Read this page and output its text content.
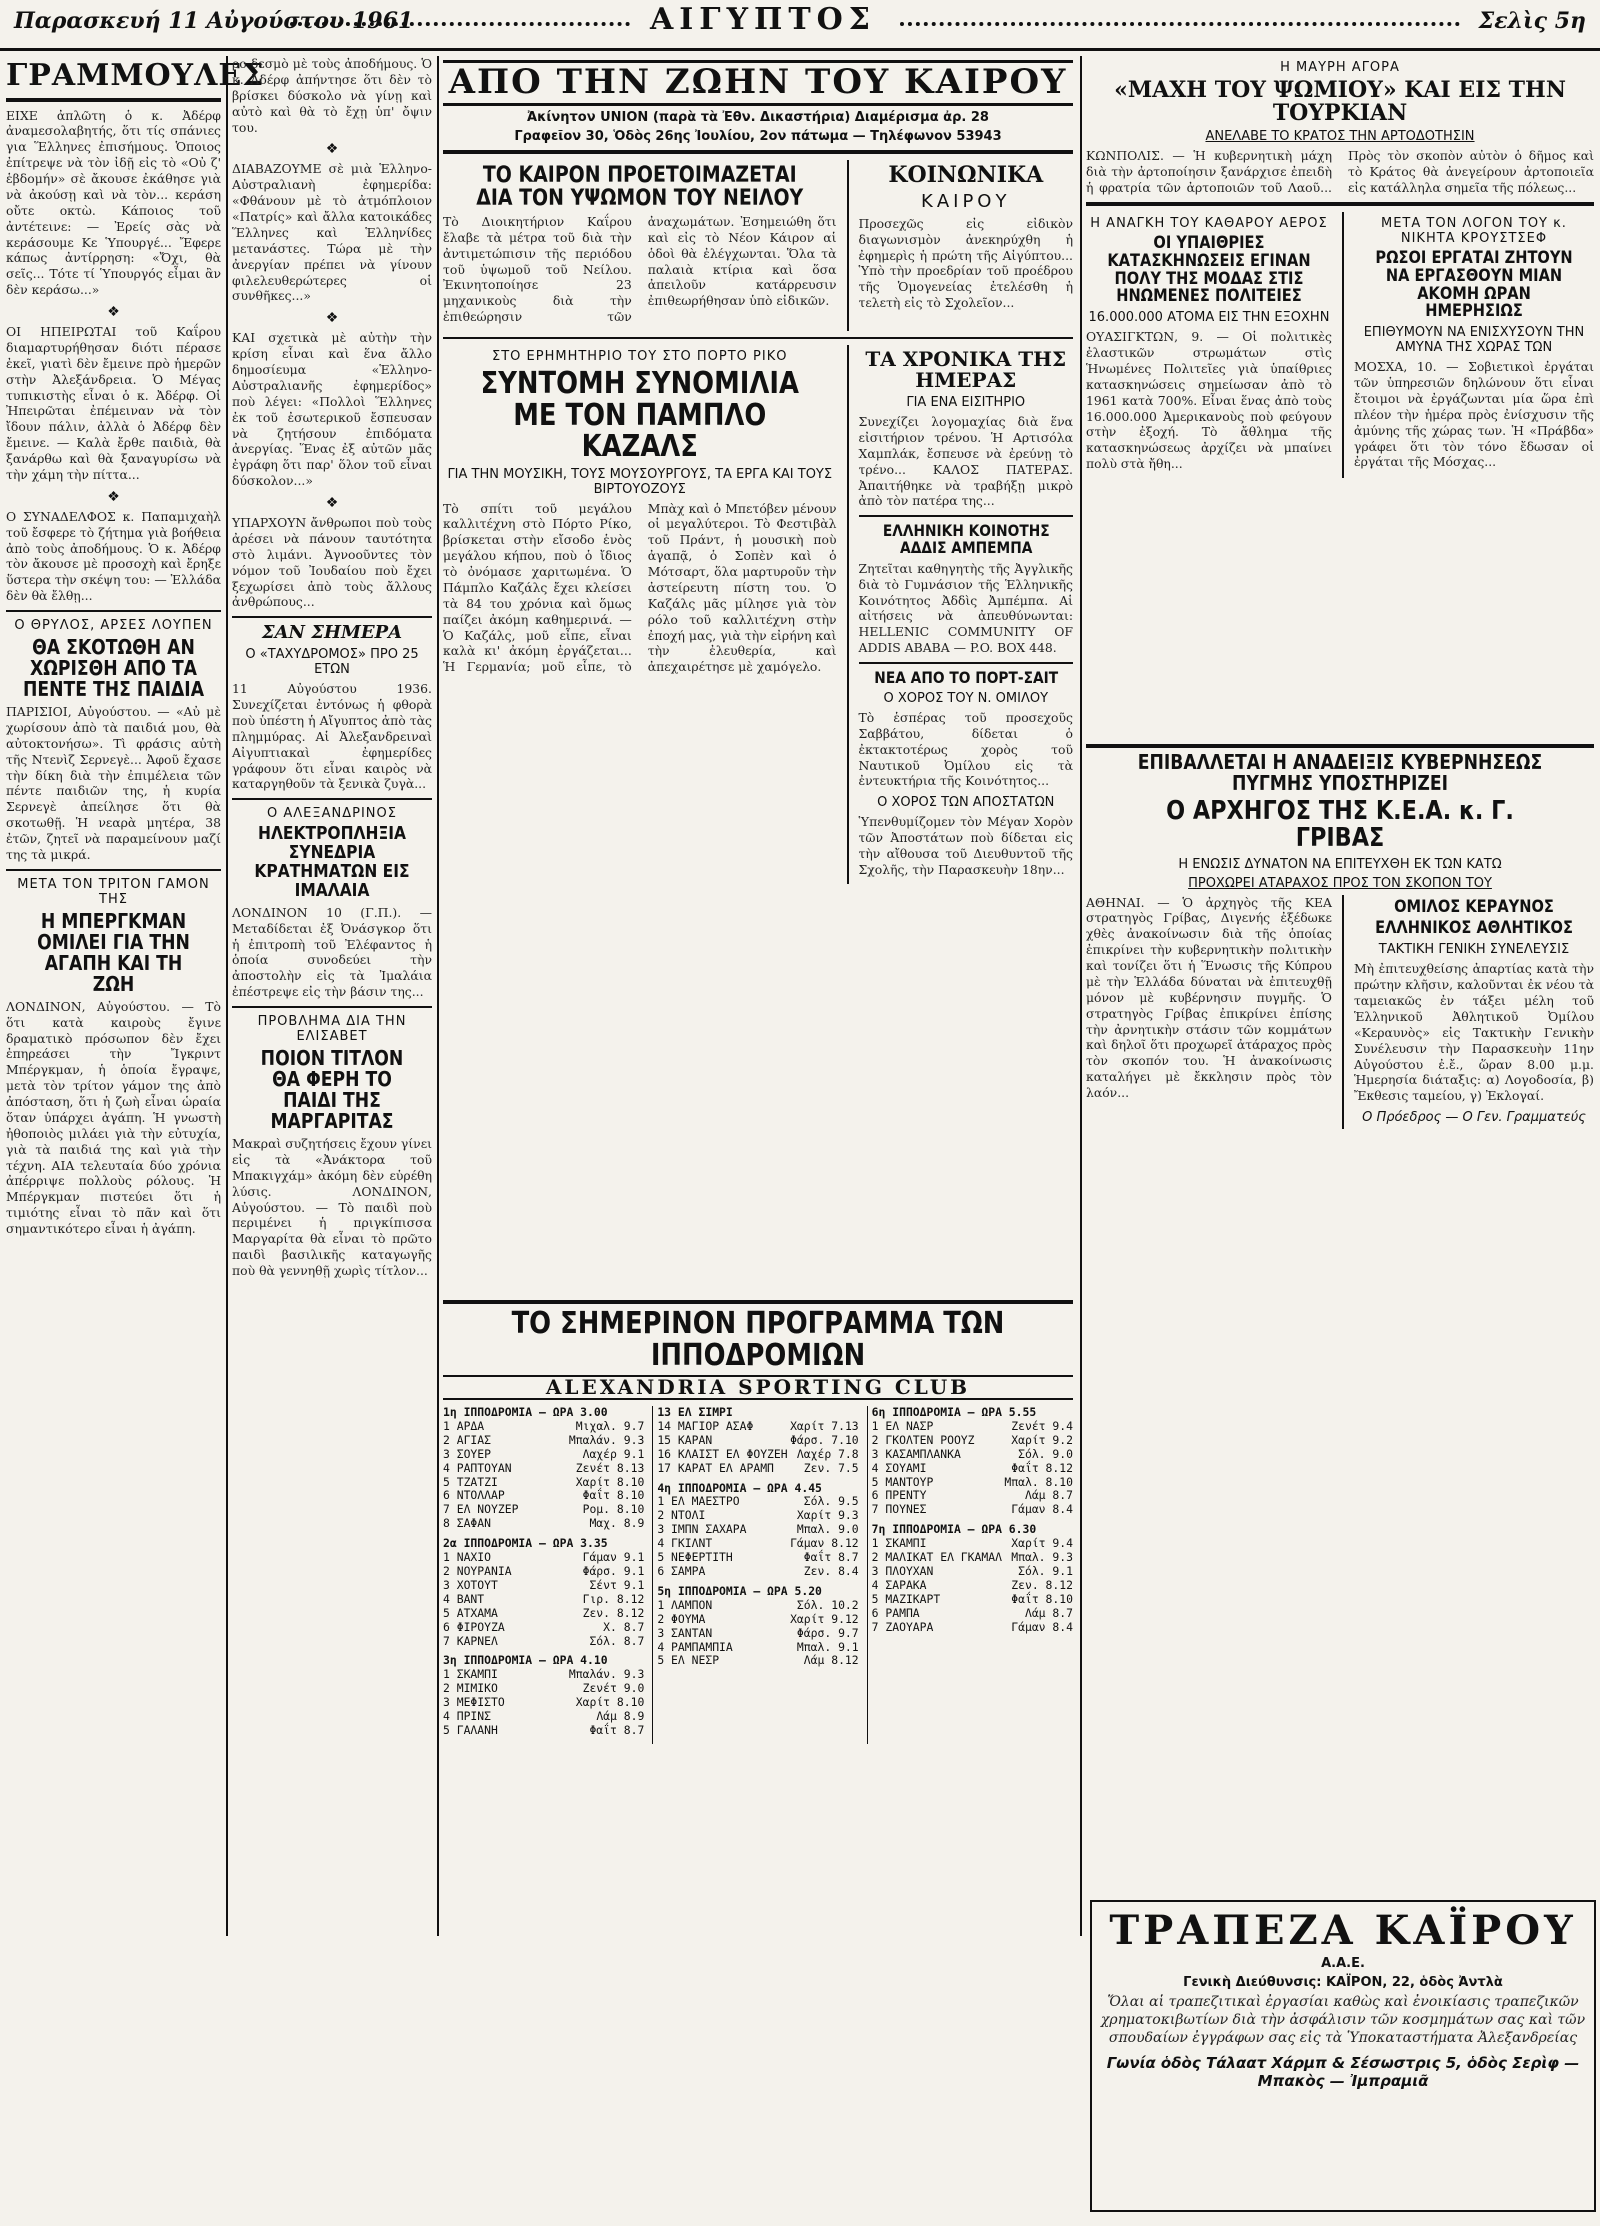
Παρασκευή 11 Αὐγούστου 1961	ΑΙΓΥΠΤΟΣ	Σελὶς 5η
ΓΡΑΜΜΟΥΛΕΣ

ΕΙΧΕ ἀπλῶτη ὁ κ. Ἀδέρφ ἀναμεσολαβητής, ὅτι τίς σπάνιες για Ἕλληνες ἐπισήμους. Ὁποιος ἐπίτρεψε νὰ τὸν ἰδῇ εἰς τὸ «Οὐ ζ' ἑβδομήν» σὲ ἄκουσε ἐκάθησε γιὰ νὰ ἀκούσῃ καὶ νὰ τὸν... κεράση οὔτε οκτὼ. Κάποιος τοῦ ἀντέτεινε: — Ἐρείς σὰς νὰ κεράσουμε Κε Ὑπουργέ... Ἔφερε κάπως ἀντίρρηση: «Ὄχι, θὰ σεῖς... Τότε τί Ὑπουργός εἶμαι ἂν δὲν κεράσω...»

❖

ΟΙ ΗΠΕΙΡΩΤΑΙ τοῦ Καΐρου διαμαρτυρήθησαν διότι πέρασε ἐκεῖ, γιατὶ δὲν ἔμεινε πρὸ ἡμερῶν στὴν Ἀλεξάνδρεια. Ὁ Μέγας τυπικιστὴς εἶναι ὁ κ. Ἀδέρφ. Οἱ Ἠπειρῶται ἐπέμειναν νὰ τὸν ἴδουν πάλιν, ἀλλὰ ὁ Ἀδέρφ δὲν ἔμεινε. — Καλὰ ἔρθε παιδιὰ, θὰ ξανάρθω καὶ θὰ ξαναγυρίσω νὰ τὴν χάμη τὴν πίττα...

❖

Ο ΣΥΝΑΔΕΛΦΟΣ κ. Παπαμιχαὴλ τοῦ ἔσφερε τὸ ζήτημα γιὰ βοήθεια ἀπὸ τοὺς ἀποδήμους. Ὁ κ. Ἀδέρφ τὸν ἄκουσε μὲ προσοχὴ καὶ ἔρηξε ὕστερα τὴν σκέψη του: — Ἑλλάδα δὲν θὰ ἔλθῃ...

Ο ΘΡΥΛΟΣ, ΑΡΣΕΣ ΛΟΥΠΕΝ
ΘΑ ΣΚΟΤΩΘΗ ΑΝ ΧΩΡΙΣΘΗ ΑΠΟ ΤΑ ΠΕΝΤΕ ΤΗΣ ΠΑΙΔΙΑ

ΠΑΡΙΣΙΟΙ, Αὐγούστου. — «Αὐ μὲ χωρίσουν ἀπὸ τὰ παιδιά μου, θὰ αὐτοκτονήσω». Τὶ φράσις αὐτὴ τῆς Ντενὶζ Σερνεγὲ... Ἀφοῦ ἔχασε τὴν δίκη διὰ τὴν ἐπιμέλεια τῶν πέντε παιδιῶν της, ἡ κυρία Σερνεγὲ ἀπείλησε ὅτι θὰ σκοτωθῇ. Ἡ νεαρὰ μητέρα, 38 ἐτῶν, ζητεῖ νὰ παραμείνουν μαζί της τὰ μικρά.

ΜΕΤΑ ΤΟΝ ΤΡΙΤΟΝ ΓΑΜΟΝ ΤΗΣ
Η ΜΠΕΡΓΚΜΑΝ ΟΜΙΛΕΙ ΓΙΑ ΤΗΝ ΑΓΑΠΗ ΚΑΙ ΤΗ ΖΩΗ

ΛΟΝΔΙΝΟΝ, Αὐγούστου. — Τὸ ὅτι κατὰ καιροὺς ἔγινε δραματικὸ πρόσωπον δὲν ἔχει ἐπηρεάσει τὴν Ἴγκριντ Μπέργκμαν, ἡ ὁποία ἔγραψε, μετὰ τὸν τρίτον γάμον της ἀπὸ ἀπόσταση, ὅτι ἡ ζωὴ εἶναι ὡραία ὅταν ὑπάρχει ἀγάπη. Ἡ γνωστὴ ἠθοποιὸς μιλάει γιὰ τὴν εὐτυχία, γιὰ τὰ παιδιά της καὶ γιὰ τὴν τέχνη. ΑΙΑ τελευταία δύο χρόνια ἀπέρριψε πολλοὺς ρόλους. Ἡ Μπέργκμαν πιστεύει ὅτι ἡ τιμιότης εἶναι τὸ πᾶν καὶ ὅτι σημαντικότερο εἶναι ἡ ἀγάπη.

ρο δεσμὸ μὲ τοὺς ἀποδήμους. Ὁ κ. Ἀδέρφ ἀπήντησε ὅτι δὲν τὸ βρίσκει δύσκολο νὰ γίνῃ καὶ αὐτὸ καὶ θὰ τὸ ἔχῃ ὑπ' ὄψιν του.

❖

ΔΙΑΒΑΖΟΥΜΕ σὲ μιὰ Ἑλληνο-Αὐστραλιανὴ ἐφημερίδα: «Φθάνουν μὲ τὸ ἀτμόπλοιον «Πατρίς» καὶ ἄλλα κατοικάδες Ἕλληνες καὶ Ἑλληνίδες μετανάστες. Τώρα μὲ τὴν ἀνεργίαν πρέπει νὰ γίνουν φιλελευθερώτερες οἱ συνθῆκες...»

❖

ΚΑΙ σχετικὰ μὲ αὐτὴν τὴν κρίση εἶναι καὶ ἕνα ἄλλο δημοσίευμα «Ἑλληνο-Αὐστραλιανῆς ἐφημερίδος» ποὺ λέγει: «Πολλοὶ Ἕλληνες ἐκ τοῦ ἐσωτερικοῦ ἔσπευσαν νὰ ζητήσουν ἐπιδόματα ἀνεργίας. Ἕνας ἐξ αὐτῶν μᾶς ἐγράφη ὅτι παρ' ὅλον τοῦ εἶναι δύσκολον...»

❖

ΥΠΑΡΧΟΥΝ ἄνθρωποι ποὺ τοὺς ἀρέσει νὰ πάνουν ταυτότητα στὸ λιμάνι. Ἀγνοοῦντες τὸν νόμον τοῦ Ἰουδαίου ποὺ ἔχει ξεχωρίσει ἀπὸ τοὺς ἄλλους ἀνθρώπους...

ΣΑΝ ΣΗΜΕΡΑ
Ο «ΤΑΧΥΔΡΟΜΟΣ» ΠΡΟ 25 ΕΤΩΝ

11 Αὐγούστου 1936. Συνεχίζεται ἐντόνως ἡ φθορὰ ποὺ ὑπέστη ἡ Αἴγυπτος ἀπὸ τὰς πλημμύρας. Αἱ Ἀλεξανδρειναὶ Αἰγυπτιακαὶ ἐφημερίδες γράφουν ὅτι εἶναι καιρὸς νὰ καταργηθοῦν τὰ ξενικὰ ζυγὰ...

Ο ΑΛΕΞΑΝΔΡΙΝΟΣ
ΗΛΕΚΤΡΟΠΛΗΞΙΑ ΣΥΝΕΔΡΙΑ ΚΡΑΤΗΜΑΤΩΝ ΕΙΣ ΙΜΑΛΑΙΑ

ΛΟΝΔΙΝΟΝ 10 (Γ.Π.). — Μεταδίδεται ἐξ Ὀνάσγκορ ὅτι ἡ ἐπιτροπὴ τοῦ Ἐλέφαντος ἡ ὁποία συνοδεύει τὴν ἀποστολὴν εἰς τὰ Ἰμαλάια ἐπέστρεψε εἰς τὴν βάσιν της...

ΠΡΟΒΛΗΜΑ ΔΙΑ ΤΗΝ ΕΛΙΣΑΒΕΤ
ΠΟΙΟΝ ΤΙΤΛΟΝ ΘΑ ΦΕΡΗ ΤΟ ΠΑΙΔΙ ΤΗΣ ΜΑΡΓΑΡΙΤΑΣ

Μακραὶ συζητήσεις ἔχουν γίνει εἰς τὰ «Ἀνάκτορα τοῦ Μπακιγχάμ» ἀκόμη δὲν εὑρέθη λύσις. ΛΟΝΔΙΝΟΝ, Αὐγούστου. — Τὸ παιδὶ ποὺ περιμένει ἡ πριγκίπισσα Μαργαρίτα θὰ εἶναι τὸ πρῶτο παιδὶ βασιλικῆς καταγωγῆς ποὺ θὰ γεννηθῇ χωρὶς τίτλον...

ΑΠΟ ΤΗΝ ΖΩΗΝ ΤΟΥ ΚΑΙΡΟΥ
Ἀκίνητον UNION (παρὰ τὰ Ἐθν. Δικαστήρια) Διαμέρισμα ἀρ. 28
Γραφεῖον 30, Ὁδὸς 26ης Ἰουλίου, 2ον πάτωμα — Τηλέφωνον 53943
ΤΟ ΚΑΙΡΟΝ ΠΡΟΕΤΟΙΜΑΖΕΤΑΙ ΔΙΑ ΤΟΝ ΥΨΩΜΟΝ ΤΟΥ ΝΕΙΛΟΥ

Τὸ Διοικητήριον Καΐρου ἔλαβε τὰ μέτρα τοῦ διὰ τὴν ἀντιμετώπισιν τῆς περιόδου τοῦ ὑψωμοῦ τοῦ Νείλου. Ἐκινητοποίησε 23 μηχανικοὺς διὰ τὴν ἐπιθεώρησιν τῶν ἀναχωμάτων. Ἐσημειώθη ὅτι καὶ εἰς τὸ Νέον Κάιρον αἱ ὁδοὶ θὰ ἐλέγχωνται. Ὅλα τὰ παλαιὰ κτίρια καὶ ὅσα ἀπειλοῦν κατάρρευσιν ἐπιθεωρήθησαν ὑπὸ εἰδικῶν.

ΚΟΙΝΩΝΙΚΑ
ΚΑΙΡΟΥ

Προσεχῶς εἰς εἰδικὸν διαγωνισμὸν ἀνεκηρύχθη ἡ ἐφημερὶς ἡ πρώτη τῆς Αἰγύπτου... Ὑπὸ τὴν προεδρίαν τοῦ προέδρου τῆς Ὁμογενείας ἐτελέσθη ἡ τελετὴ εἰς τὸ Σχολεῖον...

ΣΤΟ ΕΡΗΜΗΤΗΡΙΟ ΤΟΥ ΣΤΟ ΠΟΡΤΟ ΡΙΚΟ
ΣΥΝΤΟΜΗ ΣΥΝΟΜΙΛΙΑ ΜΕ ΤΟΝ ΠΑΜΠΛΟ ΚΑΖΑΛΣ
ΓΙΑ ΤΗΝ ΜΟΥΣΙΚΗ, ΤΟΥΣ ΜΟΥΣΟΥΡΓΟΥΣ, ΤΑ ΕΡΓΑ ΚΑΙ ΤΟΥΣ ΒΙΡΤΟΥΟΖΟΥΣ

Τὸ σπίτι τοῦ μεγάλου καλλιτέχνη στὸ Πόρτο Ρίκο, βρίσκεται στὴν εἴσοδο ἑνὸς μεγάλου κήπου, ποὺ ὁ ἴδιος τὸ ὀνόμασε χαριτωμένα. Ὁ Πάμπλο Καζάλς ἔχει κλείσει τὰ 84 του χρόνια καὶ ὅμως παίζει ἀκόμη καθημερινά. — Ὁ Καζάλς, μοῦ εἶπε, εἶναι καλὰ κι' ἀκόμη ἐργάζεται... Ἡ Γερμανία; μοῦ εἶπε, τὸ Μπὰχ καὶ ὁ Μπετόβεν μένουν οἱ μεγαλύτεροι. Τὸ Φεστιβὰλ τοῦ Πράντ, ἡ μουσικὴ ποὺ ἀγαπᾷ, ὁ Σοπὲν καὶ ὁ Μότσαρτ, ὅλα μαρτυροῦν τὴν ἀστείρευτη πίστη του. Ὁ Καζάλς μᾶς μίλησε γιὰ τὸν ρόλο τοῦ καλλιτέχνη στὴν ἐποχή μας, γιὰ τὴν εἰρήνη καὶ τὴν ἐλευθερία, καὶ ἀπεχαιρέτησε μὲ χαμόγελο.

ΤΑ ΧΡΟΝΙΚΑ ΤΗΣ ΗΜΕΡΑΣ
ΓΙΑ ΕΝΑ ΕΙΣΙΤΗΡΙΟ

Συνεχίζει λογομαχίας διὰ ἕνα εἰσιτήριον τρένου. Ἡ Αρτισόλα Χαμπλάκ, ἔσπευσε νὰ ἐρεύνῃ τὸ τρένο... ΚΑΛΟΣ ΠΑΤΕΡΑΣ. Ἀπαιτήθηκε νὰ τραβήξῃ μικρὸ ἀπὸ τὸν πατέρα της...

ΕΛΛΗΝΙΚΗ ΚΟΙΝΟΤΗΣ ΑΔΔΙΣ ΑΜΠΕΜΠΑ

Ζητεῖται καθηγητὴς τῆς Ἀγγλικῆς διὰ τὸ Γυμνάσιον τῆς Ἑλληνικῆς Κοινότητος Ἀδδὶς Ἀμπέμπα. Αἱ αἰτήσεις νὰ ἀπευθύνωνται: HELLENIC COMMUNITY OF ADDIS ABABA — P.O. BOX 448.

ΝΕΑ ΑΠΟ ΤΟ ΠΟΡΤ-ΣΑΙΤ
Ο ΧΟΡΟΣ ΤΟΥ Ν. ΟΜΙΛΟΥ

Τὸ ἑσπέρας τοῦ προσεχοῦς Σαββάτου, δίδεται ὁ ἐκτακτοτέρως χορὸς τοῦ Ναυτικοῦ Ὀμίλου εἰς τὰ ἐντευκτήρια τῆς Κοινότητος...

Ο ΧΟΡΟΣ ΤΩΝ ΑΠΟΣΤΑΤΩΝ

Ὑπενθυμίζομεν τὸν Μέγαν Χορὸν τῶν Ἀποστάτων ποὺ δίδεται εἰς τὴν αἴθουσα τοῦ Διευθυντοῦ τῆς Σχολῆς, τὴν Παρασκευὴν 18ην...

Η ΜΑΥΡΗ ΑΓΟΡΑ
«ΜΑΧΗ ΤΟΥ ΨΩΜΙΟΥ» ΚΑΙ ΕΙΣ ΤΗΝ ΤΟΥΡΚΙΑΝ
ΑΝΕΛΑΒΕ ΤΟ ΚΡΑΤΟΣ ΤΗΝ ΑΡΤΟΔΟΤΗΣΙΝ

ΚΩΝΠΟΛΙΣ. — Ἡ κυβερνητικὴ μάχη διὰ τὴν ἀρτοποίησιν ξανάρχισε ἐπειδὴ ἡ φρατρία τῶν ἀρτοποιῶν τοῦ Λαοῦ... Πρὸς τὸν σκοπὸν αὐτὸν ὁ δῆμος καὶ τὸ Κράτος θὰ ἀνεγείρουν ἀρτοποιεῖα εἰς κατάλληλα σημεῖα τῆς πόλεως...

Η ΑΝΑΓΚΗ ΤΟΥ ΚΑΘΑΡΟΥ ΑΕΡΟΣ
ΟΙ ΥΠΑΙΘΡΙΕΣ ΚΑΤΑΣΚΗΝΩΣΕΙΣ ΕΓΙΝΑΝ ΠΟΛΥ ΤΗΣ ΜΟΔΑΣ ΣΤΙΣ ΗΝΩΜΕΝΕΣ ΠΟΛΙΤΕΙΕΣ
16.000.000 ΑΤΟΜΑ ΕΙΣ ΤΗΝ ΕΞΟΧΗΝ

ΟΥΑΣΙΓΚΤΩΝ, 9. — Οἱ πολιτικὲς ἐλαστικῶν στρωμάτων στὶς Ἡνωμένες Πολιτεῖες γιὰ ὑπαίθριες κατασκηνώσεις σημείωσαν ἀπὸ τὸ 1961 κατὰ 700%. Εἶναι ἕνας ἀπὸ τοὺς 16.000.000 Ἀμερικανοὺς ποὺ φεύγουν στὴν ἐξοχή. Τὸ ἄθλημα τῆς κατασκηνώσεως ἀρχίζει νὰ μπαίνει πολὺ στὰ ἤθη...

ΜΕΤΑ ΤΟΝ ΛΟΓΟΝ ΤΟΥ κ. ΝΙΚΗΤΑ ΚΡΟΥΣΤΣΕΦ
ΡΩΣΟΙ ΕΡΓΑΤΑΙ ΖΗΤΟΥΝ ΝΑ ΕΡΓΑΣΘΟΥΝ ΜΙΑΝ ΑΚΟΜΗ ΩΡΑΝ ΗΜΕΡΗΣΙΩΣ
ΕΠΙΘΥΜΟΥΝ ΝΑ ΕΝΙΣΧΥΣΟΥΝ ΤΗΝ ΑΜΥΝΑ ΤΗΣ ΧΩΡΑΣ ΤΩΝ

ΜΟΣΧΑ, 10. — Σοβιετικοὶ ἐργάται τῶν ὑπηρεσιῶν δηλώνουν ὅτι εἶναι ἔτοιμοι νὰ ἐργάζωνται μία ὥρα ἐπὶ πλέον τὴν ἡμέρα πρὸς ἐνίσχυσιν τῆς ἀμύνης τῆς χώρας των. Ἡ «Πράβδα» γράφει ὅτι τὸν τόνο ἔδωσαν οἱ ἐργάται τῆς Μόσχας...

ΕΠΙΒΑΛΛΕΤΑΙ Η ΑΝΑΔΕΙΞΙΣ ΚΥΒΕΡΝΗΣΕΩΣ ΠΥΓΜΗΣ ΥΠΟΣΤΗΡΙΖΕΙ
Ο ΑΡΧΗΓΟΣ ΤΗΣ Κ.Ε.Α. κ. Γ. ΓΡΙΒΑΣ
Η ΕΝΩΣΙΣ ΔΥΝΑΤΟΝ ΝΑ ΕΠΙΤΕΥΧΘΗ ΕΚ ΤΩΝ ΚΑΤΩ
ΠΡΟΧΩΡΕΙ ΑΤΑΡΑΧΟΣ ΠΡΟΣ ΤΟΝ ΣΚΟΠΟΝ ΤΟΥ

ΑΘΗΝΑΙ. — Ὁ ἀρχηγὸς τῆς ΚΕΑ στρατηγὸς Γρίβας, Διγενής ἐξέδωκε χθὲς ἀνακοίνωσιν διὰ τῆς ὁποίας ἐπικρίνει τὴν κυβερνητικὴν πολιτικὴν καὶ τονίζει ὅτι ἡ Ἕνωσις τῆς Κύπρου μὲ τὴν Ἑλλάδα δύναται νὰ ἐπιτευχθῇ μόνον μὲ κυβέρνησιν πυγμῆς. Ὁ στρατηγὸς Γρίβας ἐπικρίνει ἐπίσης τὴν ἀρνητικὴν στάσιν τῶν κομμάτων καὶ δηλοῖ ὅτι προχωρεῖ ἀτάραχος πρὸς τὸν σκοπόν του. Ἡ ἀνακοίνωσις καταλήγει μὲ ἔκκλησιν πρὸς τὸν λαόν...

ΟΜΙΛΟΣ ΚΕΡΑΥΝΟΣ
ΕΛΛΗΝΙΚΟΣ ΑΘΛΗΤΙΚΟΣ
ΤΑΚΤΙΚΗ ΓΕΝΙΚΗ ΣΥΝΕΛΕΥΣΙΣ

Μὴ ἐπιτευχθείσης ἀπαρτίας κατὰ τὴν πρώτην κλῆσιν, καλοῦνται ἐκ νέου τὰ ταμειακῶς ἐν τάξει μέλη τοῦ Ἑλληνικοῦ Ἀθλητικοῦ Ὀμίλου «Κεραυνὸς» εἰς Τακτικὴν Γενικὴν Συνέλευσιν τὴν Παρασκευὴν 11ην Αὐγούστου ἐ.ἔ., ὥραν 8.00 μ.μ. Ἡμερησία διάταξις: α) Λογοδοσία, β) Ἔκθεσις ταμείου, γ) Ἐκλογαί.

Ο Πρόεδρος — Ο Γεν. Γραμματεύς
ΤΟ ΣΗΜΕΡΙΝΟΝ ΠΡΟΓΡΑΜΜΑ ΤΩΝ ΙΠΠΟΔΡΟΜΙΩΝ
ALEXANDRIA SPORTING CLUB
1η ΙΠΠΟΔΡΟΜΙΑ — ΩΡΑ 3.00
1 ΑΡΔΑ	Μιχαλ. 9.7
2 ΑΓΙΑΣ	Μπαλάν. 9.3
3 ΣΟΥΕΡ	Λαχέρ 9.1
4 ΡΑΠΤΟΥΑΝ	Ζενέτ 8.13
5 ΤΖΑΤΖΙ	Χαρίτ 8.10
6 ΝΤΟΛΛΑΡ	Φαΐτ 8.10
7 ΕΛ ΝΟΥΖΕΡ	Ρομ. 8.10
8 ΣΑΦΑΝ	Μαχ. 8.9
2α ΙΠΠΟΔΡΟΜΙΑ — ΩΡΑ 3.35
1 ΝΑΧΙΟ	Γάμαν 9.1
2 ΝΟΥΡΑΝΙΑ	Φάρσ. 9.1
3 ΧΟΤΟΥΤ	Σέντ 9.1
4 ΒΑΝΤ	Γιρ. 8.12
5 ΑΤΧΑΜΑ	Ζεν. 8.12
6 ΦΙΡΟΥΖΑ	Χ. 8.7
7 ΚΑΡΝΕΛ	Σόλ. 8.7
3η ΙΠΠΟΔΡΟΜΙΑ — ΩΡΑ 4.10
1 ΣΚΑΜΠΙ	Μπαλάν. 9.3
2 ΜΙΜΙΚΟ	Ζενέτ 9.0
3 ΜΕΦΙΣΤΟ	Χαρίτ 8.10
4 ΠΡΙΝΣ	Λάμ 8.9
5 ΓΑΛΑΝΗ	Φαΐτ 8.7
13 ΕΛ ΣΙΜΡΙ
14 ΜΑΓΙΟΡ ΑΣΑΦ	Χαρίτ 7.13
15 ΚΑΡΑΝ	Φάρσ. 7.10
16 ΚΛΑΙΣΤ ΕΛ ΦΟΥΖΕΗ Λαχέρ 7.8
17 ΚΑΡΑΤ ΕΛ ΑΡΑΜΠ	Ζεν. 7.5
4η ΙΠΠΟΔΡΟΜΙΑ — ΩΡΑ 4.45
1 ΕΛ ΜΑΕΣΤΡΟ	Σόλ. 9.5
2 ΝΤΟΛΙ	Χαρίτ 9.3
3 ΙΜΠΝ ΣΑΧΑΡΑ	Μπαλ. 9.0
4 ΓΚΙΛΝΤ	Γάμαν 8.12
5 ΝΕΦΕΡΤΙΤΗ	Φαΐτ 8.7
6 ΣΑΜΡΑ	Ζεν. 8.4
5η ΙΠΠΟΔΡΟΜΙΑ — ΩΡΑ 5.20
1 ΛΑΜΠΟΝ	Σόλ. 10.2
2 ΦΟΥΜΑ	Χαρίτ 9.12
3 ΣΑΝΤΑΝ	Φάρσ. 9.7
4 ΡΑΜΠΑΜΠΙΑ	Μπαλ. 9.1
5 ΕΛ ΝΕΣΡ	Λάμ 8.12
6η ΙΠΠΟΔΡΟΜΙΑ — ΩΡΑ 5.55
1 ΕΛ ΝΑΣΡ	Ζενέτ 9.4
2 ΓΚΟΛΤΕΝ ΡΟΟΥΖ	Χαρίτ 9.2
3 ΚΑΣΑΜΠΛΑΝΚΑ	Σόλ. 9.0
4 ΣΟΥΑΜΙ	Φαΐτ 8.12
5 ΜΑΝΤΟΥΡ	Μπαλ. 8.10
6 ΠΡΕΝΤΥ	Λάμ 8.7
7 ΠΟΥΝΕΣ	Γάμαν 8.4
7η ΙΠΠΟΔΡΟΜΙΑ — ΩΡΑ 6.30
1 ΣΚΑΜΠΙ	Χαρίτ 9.4
2 ΜΑΛΙΚΑΤ ΕΛ ΓΚΑΜΑΛ Μπαλ. 9.3
3 ΠΛΟΥΧΑΝ	Σόλ. 9.1
4 ΣΑΡΑΚΑ	Ζεν. 8.12
5 ΜΑΖΙΚΑΡΤ	Φαΐτ 8.10
6 ΡΑΜΠΑ	Λάμ 8.7
7 ΖΑΟΥΑΡΑ	Γάμαν 8.4
ΤΡΑΠΕΖΑ ΚΑΪΡΟΥ
Α.Α.Ε.
Γενικὴ Διεύθυνσις: ΚΑΪΡΟΝ, 22, ὁδὸς Ἀντλὰ

Ὅλαι αἱ τραπεζιτικαὶ ἐργασίαι καθὼς καὶ ἐνοικίασις τραπεζικῶν χρηματοκιβωτίων διὰ τὴν ἀσφάλισιν τῶν κοσμημάτων σας καὶ τῶν σπουδαίων ἐγγράφων σας εἰς τὰ Ὑποκαταστήματα Ἀλεξανδρείας

Γωνία ὁδὸς Τάλαατ Χάρμπ & Σέσωστρις 5, ὁδὸς Σερὶφ — Μπακὸς — Ἰμπραμιᾶ
